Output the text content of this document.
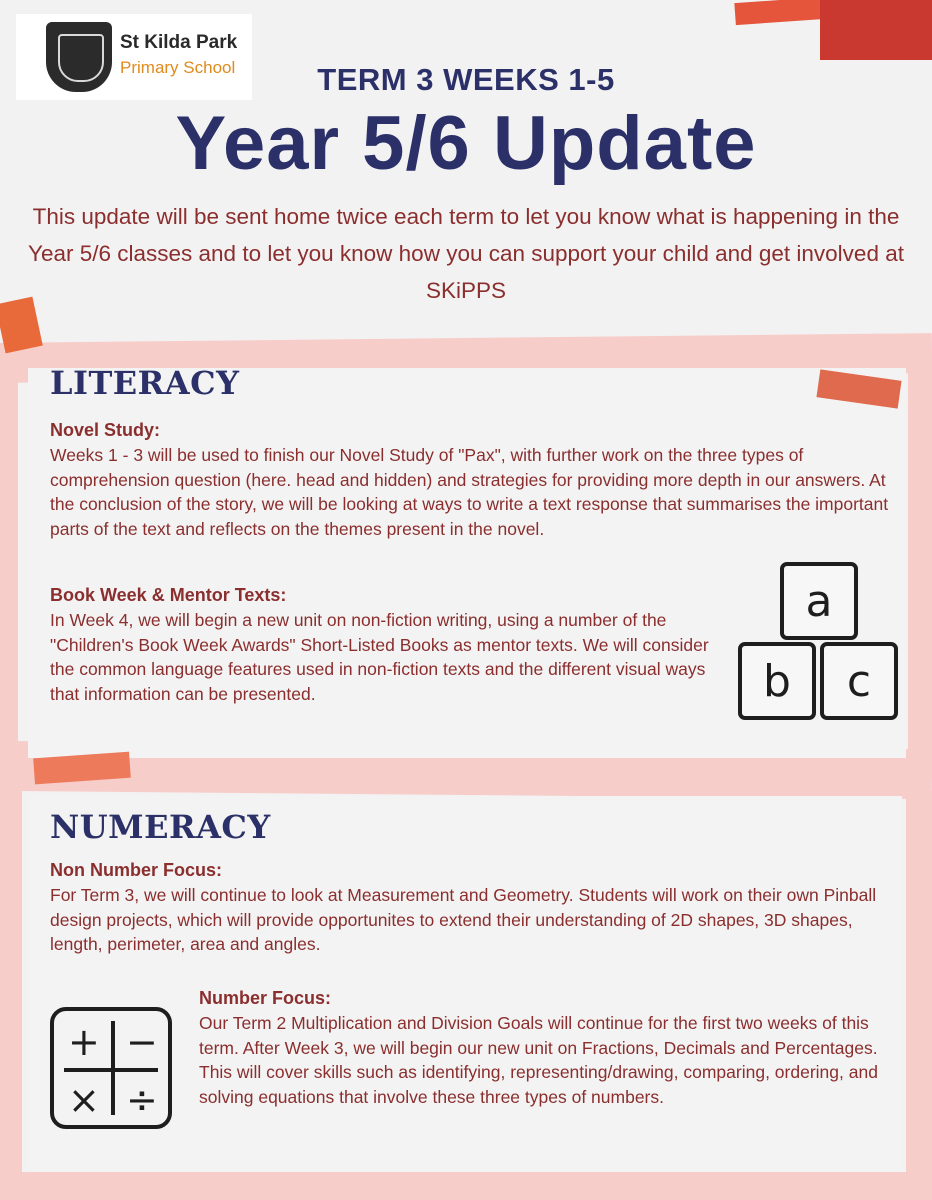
St Kilda Park
Primary School	TERM 3 WEEKS 1-5
Year 5/6 Update
This update will be sent home twice each term to let you know what is happening in the Year 5/6 classes and to let you know how you can support your child and get involved at SKiPPS
LITERACY
Novel Study:
Weeks 1 - 3 will be used to finish our Novel Study of "Pax", with further work on the three types of comprehension question (here. head and hidden) and strategies for providing more depth in our answers. At the conclusion of the story, we will be looking at ways to write a text response that summarises the important parts of the text and reflects on the themes present in the novel.
Book Week & Mentor Texts:
In Week 4, we will begin a new unit on non-fiction writing, using a number of the "Children's Book Week Awards" Short-Listed Books as mentor texts. We will consider the common language features used in non-fiction texts and the different visual ways that information can be presented.
a
b	c
NUMERACY
Non Number Focus:
For Term 3, we will continue to look at Measurement and Geometry. Students will work on their own Pinball design projects, which will provide opportunites to extend their understanding of 2D shapes, 3D shapes, length, perimeter, area and angles.
+ −
× ÷
Number Focus:
Our Term 2 Multiplication and Division Goals will continue for the first two weeks of this term. After Week 3, we will begin our new unit on Fractions, Decimals and Percentages. This will cover skills such as identifying, representing/drawing, comparing, ordering, and solving equations that involve these three types of numbers.
